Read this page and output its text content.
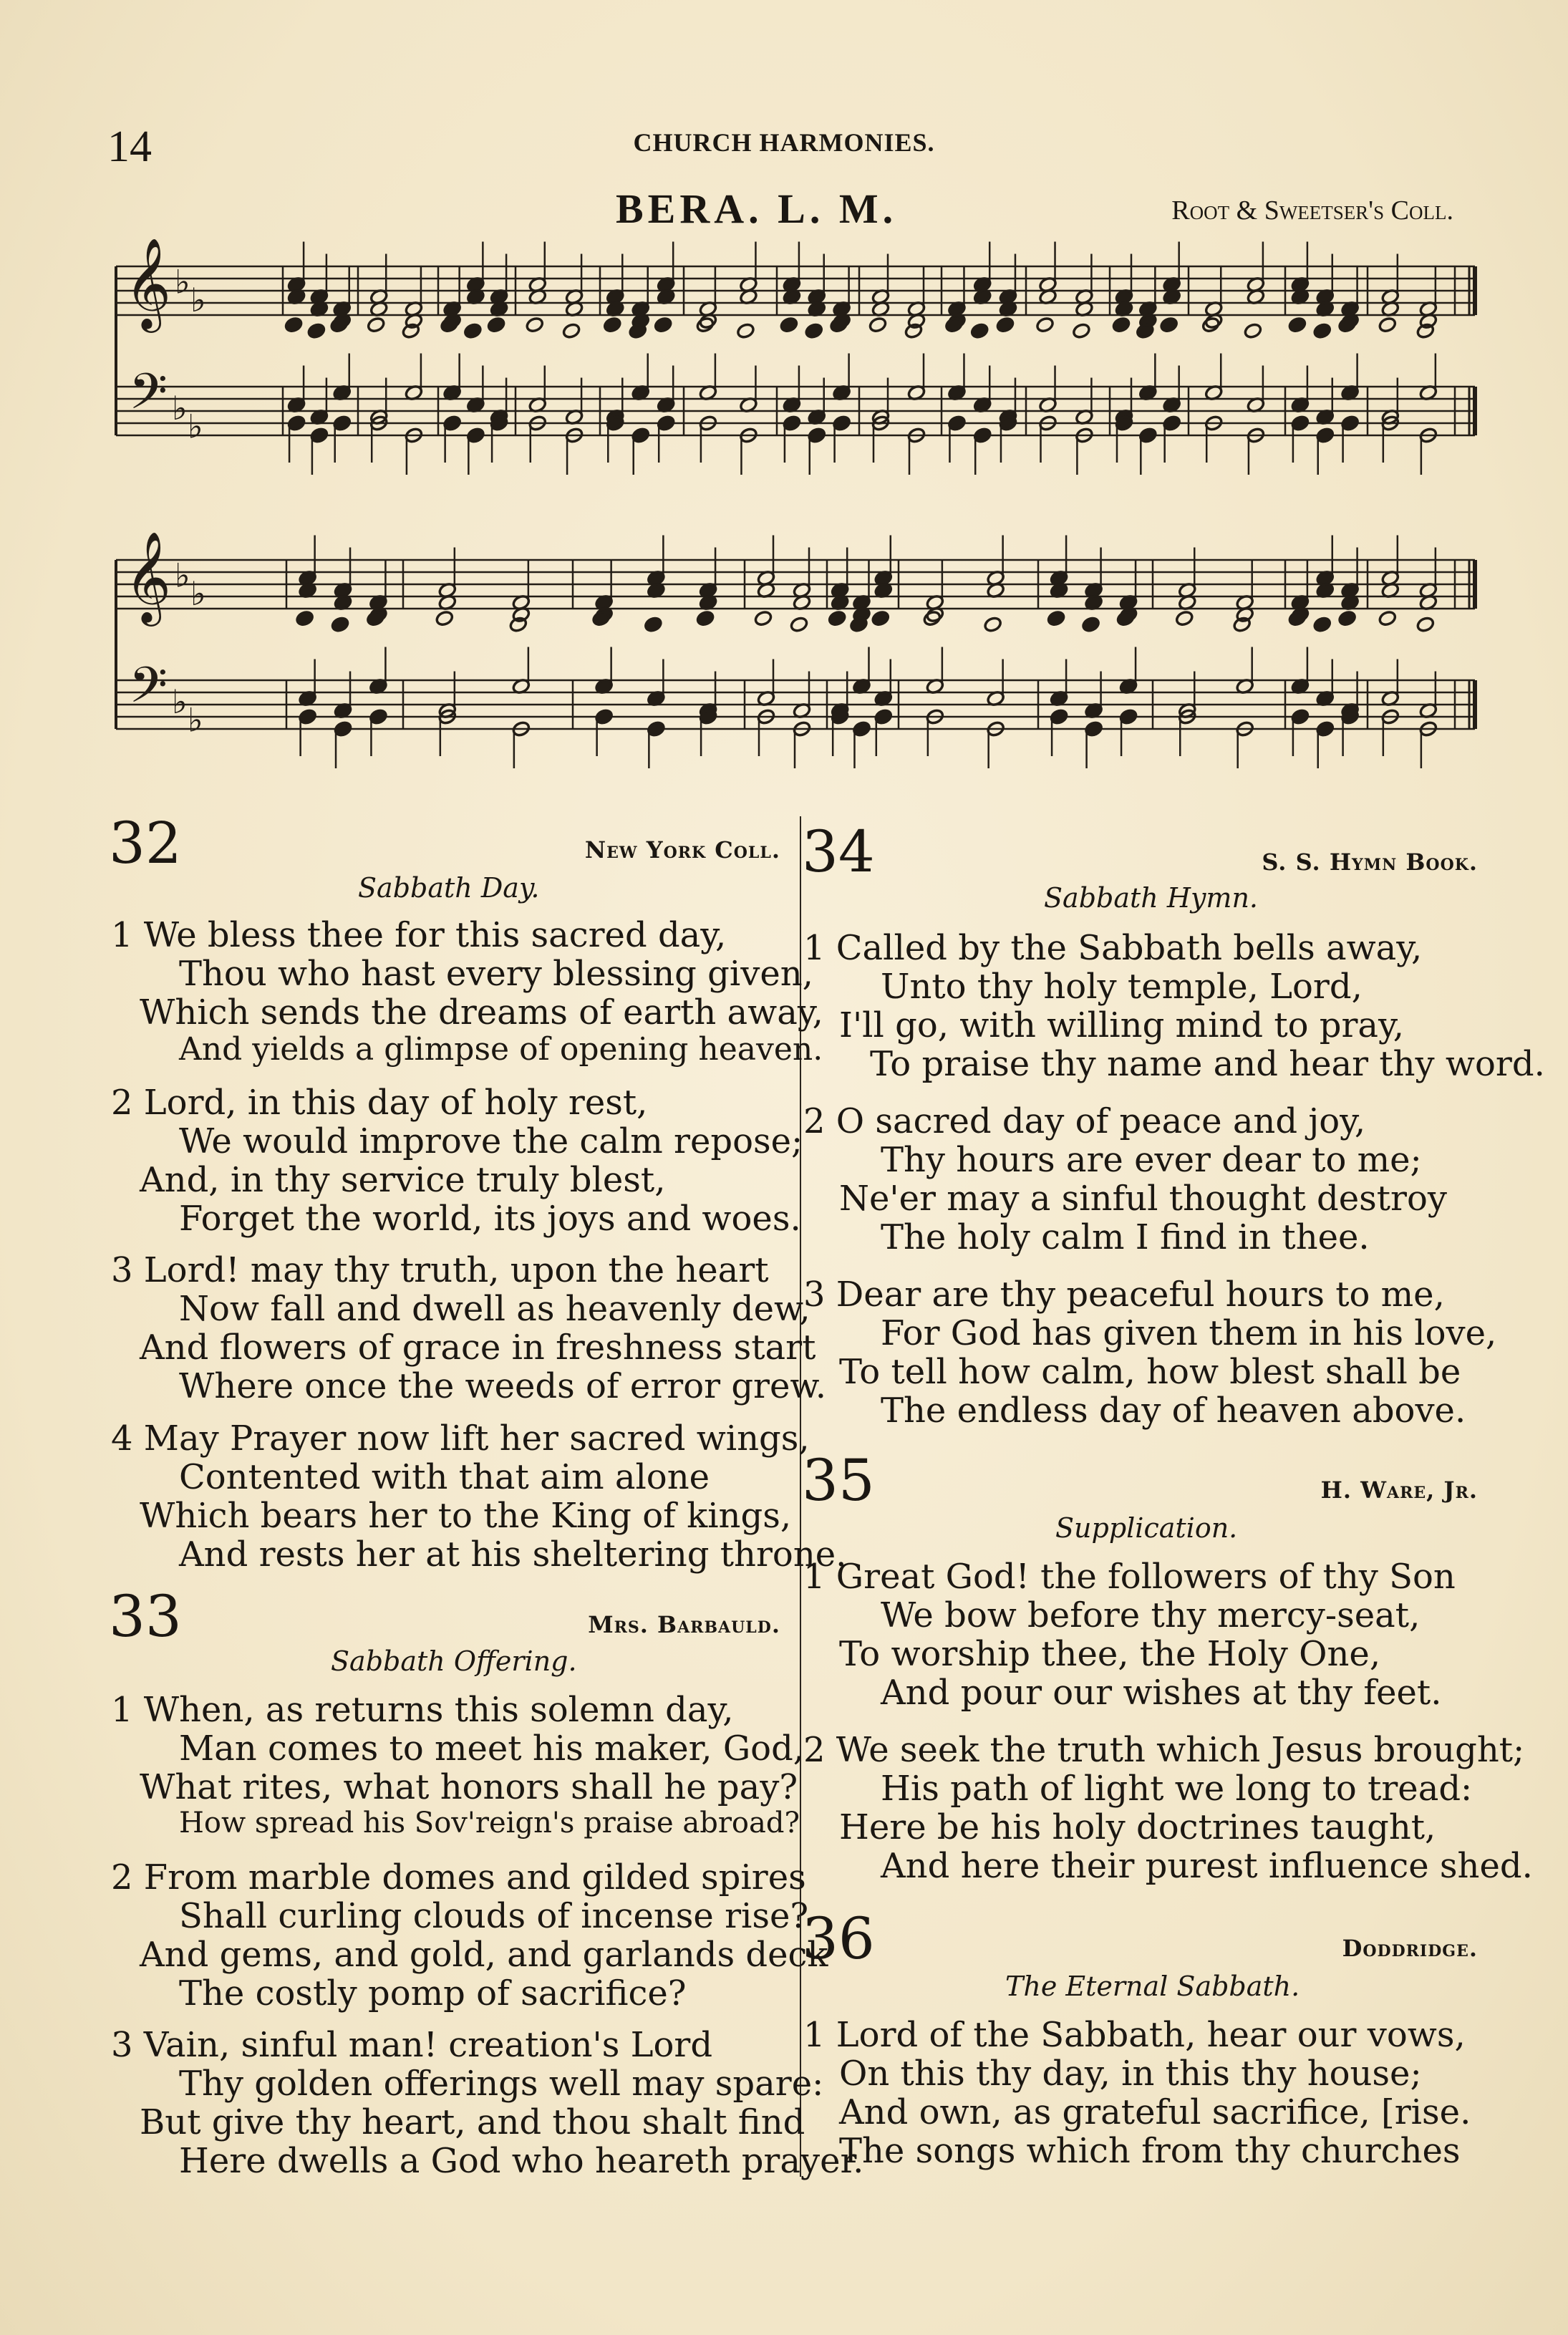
14	CHURCH HARMONIES.
BERA. L. M.	Root & Sweetser's Coll.
𝄞
𝄢
♭ ♭
♭ ♭
𝄞
𝄢
♭ ♭
♭ ♭
32	New York Coll.
Sabbath Day.
1 We bless thee for this sacred day,
Thou who hast every blessing given,
Which sends the dreams of earth away,
And yields a glimpse of opening heaven.
2 Lord, in this day of holy rest,
We would improve the calm repose;
And, in thy service truly blest,
Forget the world, its joys and woes.
3 Lord! may thy truth, upon the heart
Now fall and dwell as heavenly dew,
And flowers of grace in freshness start
Where once the weeds of error grew.
4 May Prayer now lift her sacred wings,
Contented with that aim alone
Which bears her to the King of kings,
And rests her at his sheltering throne.
33	Mrs. Barbauld.
Sabbath Offering.
1 When, as returns this solemn day,
Man comes to meet his maker, God,
What rites, what honors shall he pay?
How spread his Sov'reign's praise abroad?
2 From marble domes and gilded spires
Shall curling clouds of incense rise?
And gems, and gold, and garlands deck
The costly pomp of sacrifice?
3 Vain, sinful man! creation's Lord
Thy golden offerings well may spare:
But give thy heart, and thou shalt find
Here dwells a God who heareth prayer.
34	S. S. Hymn Book.
Sabbath Hymn.
1 Called by the Sabbath bells away,
Unto thy holy temple, Lord,
I'll go, with willing mind to pray,
To praise thy name and hear thy word.
2 O sacred day of peace and joy,
Thy hours are ever dear to me;
Ne'er may a sinful thought destroy
The holy calm I find in thee.
3 Dear are thy peaceful hours to me,
For God has given them in his love,
To tell how calm, how blest shall be
The endless day of heaven above.
35	H. Ware, Jr.
Supplication.
1 Great God! the followers of thy Son
We bow before thy mercy-seat,
To worship thee, the Holy One,
And pour our wishes at thy feet.
2 We seek the truth which Jesus brought;
His path of light we long to tread:
Here be his holy doctrines taught,
And here their purest influence shed.
36	Doddridge.
The Eternal Sabbath.
1 Lord of the Sabbath, hear our vows,
On this thy day, in this thy house;
And own, as grateful sacrifice, [rise.
The songs which from thy churches
